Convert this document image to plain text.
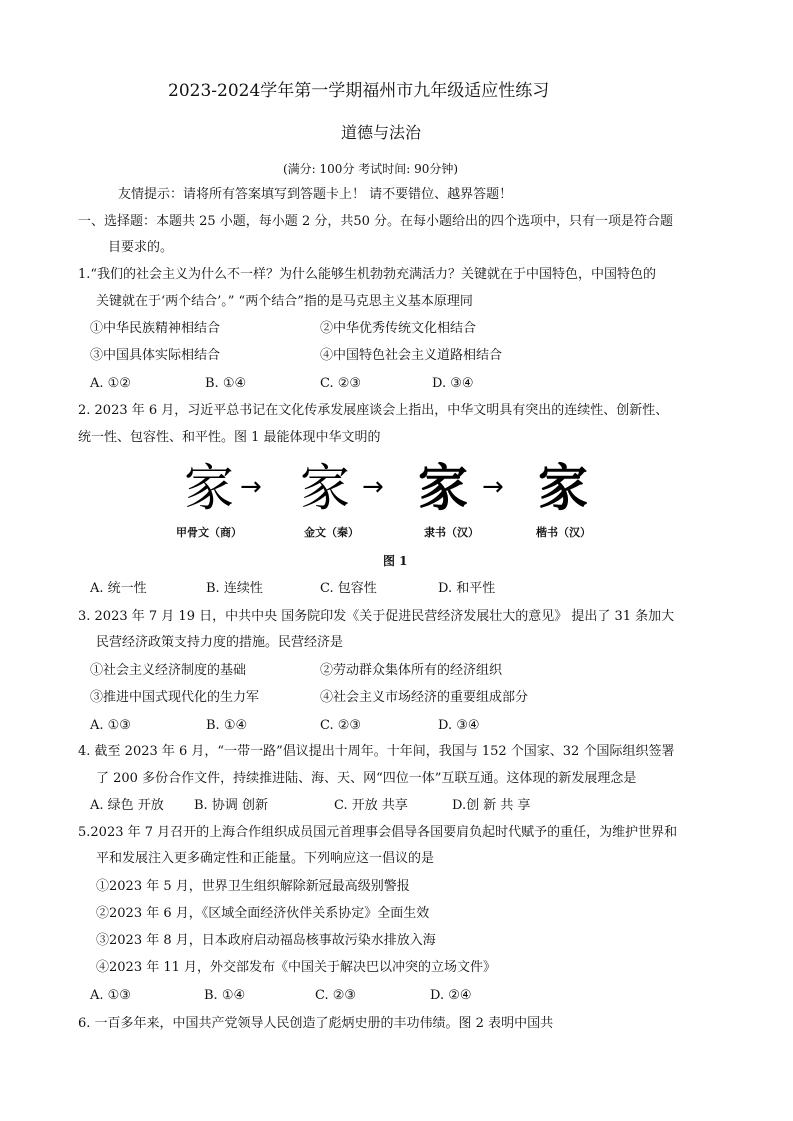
2023-2024学年第一学期福州市九年级适应性练习
道德与法治
(满分: 100分 考试时间: 90分钟)
友情提示：请将所有答案填写到答题卡上！ 请不要错位、越界答题！
一、选择题：本题共 25 小题，每小题 2 分，共50 分。在每小题给出的四个选项中，只有一项是符合题
目要求的。
1.“我们的社会主义为什么不一样？为什么能够生机勃勃充满活力？关键就在于中国特色，中国特色的
关键就在于‘两个结合’。” “两个结合”指的是马克思主义基本原理同
①中华民族精神相结合	②中华优秀传统文化相结合
③中国具体实际相结合	④中国特色社会主义道路相结合
A. ①②	B. ①④	C. ②③	D. ③④
2. 2023 年 6 月，习近平总书记在文化传承发展座谈会上指出，中华文明具有突出的连续性、创新性、
统一性、包容性、和平性。图 1 最能体现中华文明的
家 → 家 → 家 → 家
甲骨文（商）	金文（秦）	隶书（汉）	楷书（汉）
图 1
A. 统一性	B. 连续性	C. 包容性	D. 和平性
3. 2023 年 7 月 19 日，中共中央 国务院印发《关于促进民营经济发展壮大的意见》 提出了 31 条加大
民营经济政策支持力度的措施。民营经济是
①社会主义经济制度的基础	②劳动群众集体所有的经济组织
③推进中国式现代化的生力军	④社会主义市场经济的重要组成部分
A. ①③	B. ①④	C. ②③	D. ③④
4. 截至 2023 年 6 月，“一带一路”倡议提出十周年。十年间，我国与 152 个国家、32 个国际组织签署
了 200 多份合作文件，持续推进陆、海、天、网“四位一体”互联互通。这体现的新发展理念是
A. 绿色 开放 B. 协调 创新	C. 开放 共享	D.创 新 共 享
5.2023 年 7 月召开的上海合作组织成员国元首理事会倡导各国要肩负起时代赋予的重任，为维护世界和
平和发展注入更多确定性和正能量。下列响应这一倡议的是
①2023 年 5 月，世界卫生组织解除新冠最高级别警报
②2023 年 6 月，《区域全面经济伙伴关系协定》全面生效
③2023 年 8 月，日本政府启动福岛核事故污染水排放入海
④2023 年 11 月，外交部发布《中国关于解决巴以冲突的立场文件》
A. ①③	B. ①④	C. ②③	D. ②④
6. 一百多年来，中国共产党领导人民创造了彪炳史册的丰功伟绩。图 2 表明中国共
